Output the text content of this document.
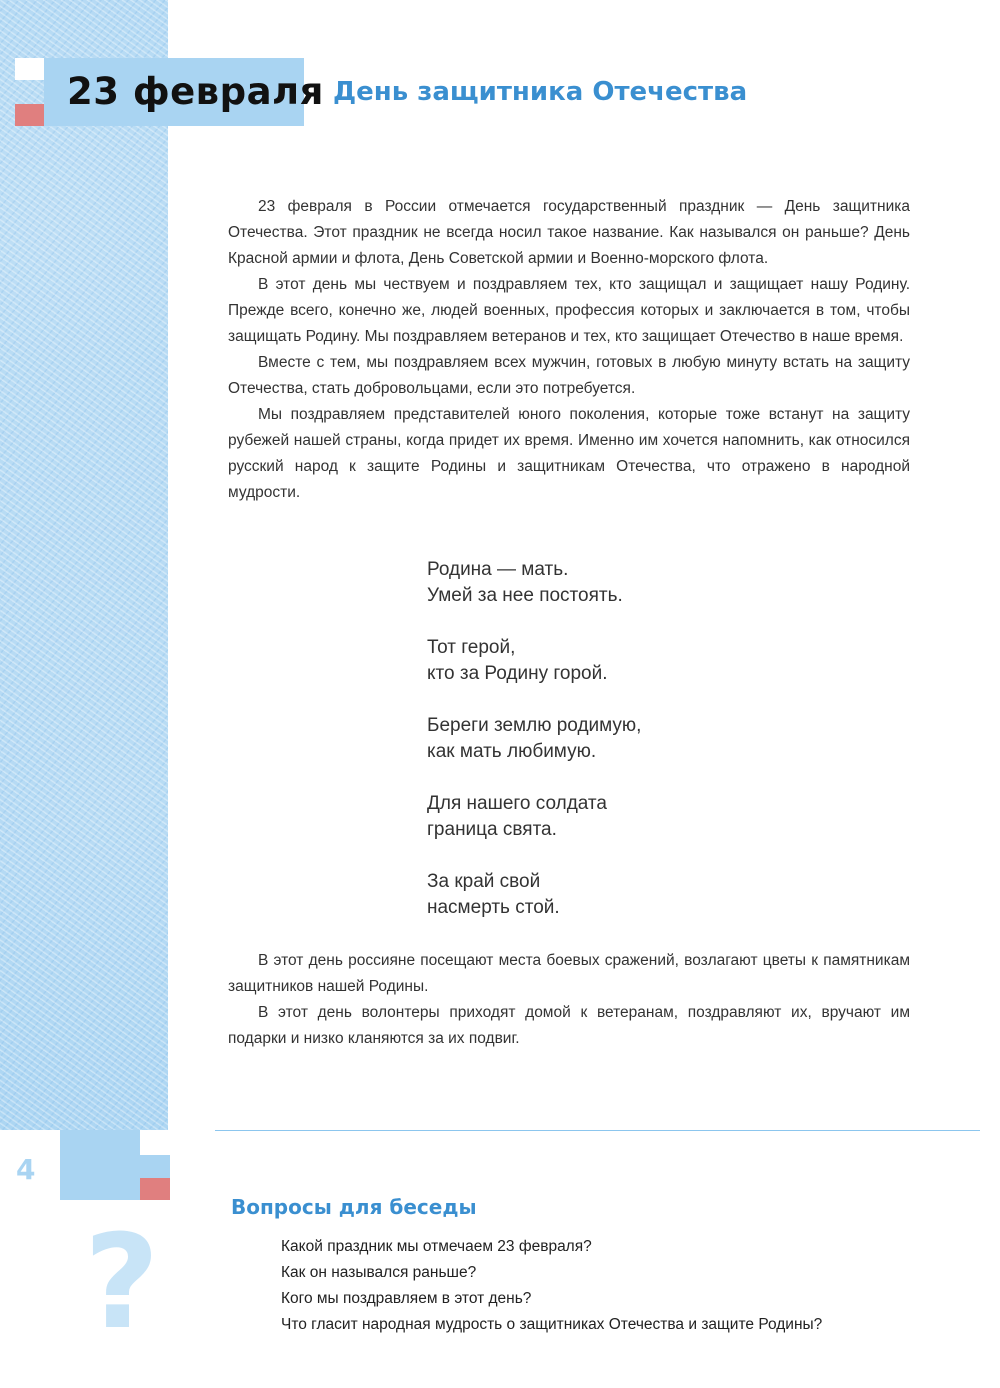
23 февраля День защитника Отечества

23 февраля в России отмечается государственный праздник — День защитника Отечества. Этот праздник не всегда носил такое название. Как назывался он раньше? День Красной армии и флота, День Советской армии и Военно-морского флота.

В этот день мы чествуем и поздравляем тех, кто защищал и защищает нашу Родину. Прежде всего, конечно же, людей военных, профессия которых и заключается в том, чтобы защищать Родину. Мы поздравляем ветеранов и тех, кто защищает Отечество в наше время.

Вместе с тем, мы поздравляем всех мужчин, готовых в любую минуту встать на защиту Отечества, стать добровольцами, если это потребуется.

Мы поздравляем представителей юного поколения, которые тоже встанут на защиту рубежей нашей страны, когда придет их время. Именно им хочется напомнить, как относился русский народ к защите Родины и защитникам Отечества, что отражено в народной мудрости.

Родина — мать.
Умей за нее постоять.
Тот герой,
кто за Родину горой.
Береги землю родимую,
как мать любимую.
Для нашего солдата
граница свята.
За край свой
насмерть стой.

В этот день россияне посещают места боевых сражений, возлагают цветы к памятникам защитников нашей Родины.

В этот день волонтеры приходят домой к ветеранам, поздравляют их, вручают им подарки и низко кланяются за их подвиг.

4
?	Вопросы для беседы
Какой праздник мы отмечаем 23 февраля?
Как он назывался раньше?
Кого мы поздравляем в этот день?
Что гласит народная мудрость о защитниках Отечества и защите Родины?
